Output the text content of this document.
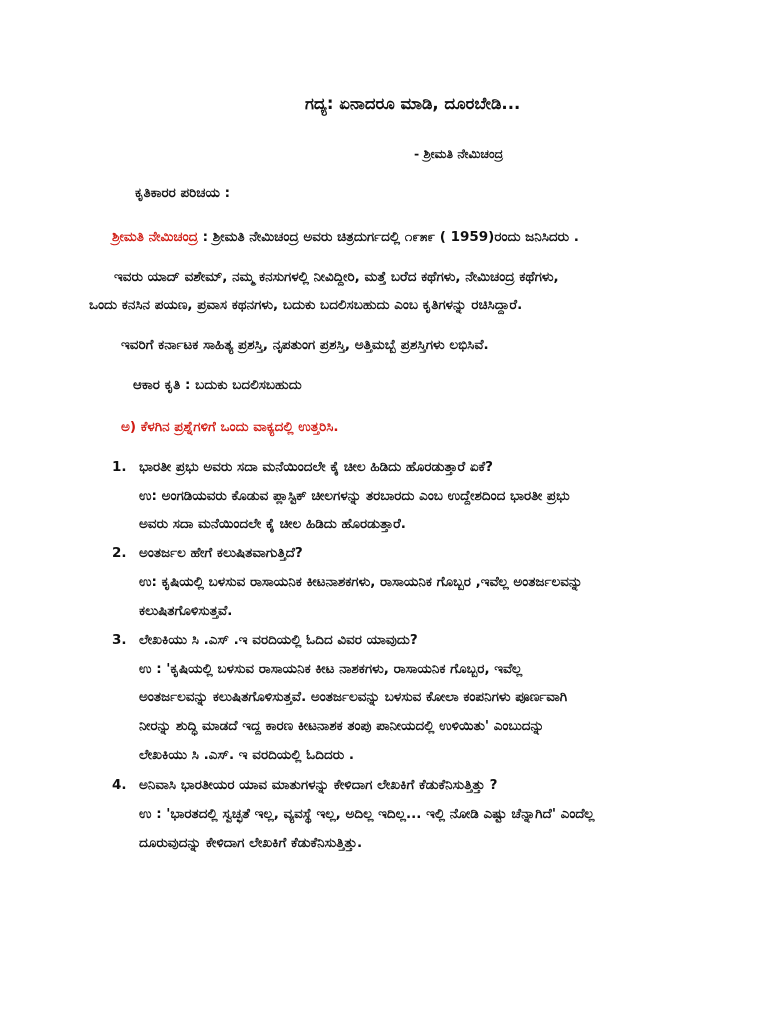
ಗದ್ಯ: ಏನಾದರೂ ಮಾಡಿ, ದೂರಬೇಡಿ...
- ಶ್ರೀಮತಿ ನೇಮಿಚಂದ್ರ
ಕೃತಿಕಾರರ ಪರಿಚಯ :
ಶ್ರೀಮತಿ ನೇಮಿಚಂದ್ರ : ಶ್ರೀಮತಿ ನೇಮಿಚಂದ್ರ ಅವರು ಚಿತ್ರದುರ್ಗದಲ್ಲಿ ೧೯೫೯ ( 1959)ರಂದು ಜನಿಸಿದರು .
ಇವರು ಯಾದ್ ವಶೇಮ್, ನಮ್ಮ ಕನಸುಗಳಲ್ಲಿ ನೀವಿದ್ದೀರಿ, ಮತ್ತೆ ಬರೆದ ಕಥೆಗಳು, ನೇಮಿಚಂದ್ರ ಕಥೆಗಳು,
ಒಂದು ಕನಸಿನ ಪಯಣ, ಪ್ರವಾಸ ಕಥನಗಳು, ಬದುಕು ಬದಲಿಸಬಹುದು ಎಂಬ ಕೃತಿಗಳನ್ನು ರಚಿಸಿದ್ದಾರೆ.
ಇವರಿಗೆ ಕರ್ನಾಟಕ ಸಾಹಿತ್ಯ ಪ್ರಶಸ್ತಿ, ನೃಪತುಂಗ ಪ್ರಶಸ್ತಿ, ಅತ್ತಿಮಬ್ಬೆ ಪ್ರಶಸ್ತಿಗಳು ಲಭಿಸಿವೆ.
ಆಕಾರ ಕೃತಿ : ಬದುಕು ಬದಲಿಸಬಹುದು
ಅ) ಕೆಳಗಿನ ಪ್ರಶ್ನೆಗಳಿಗೆ ಒಂದು ವಾಕ್ಯದಲ್ಲಿ ಉತ್ತರಿಸಿ.
1. ಭಾರತೀ ಪ್ರಭು ಅವರು ಸದಾ ಮನೆಯಿಂದಲೇ ಕೈ ಚೀಲ ಹಿಡಿದು ಹೊರಡುತ್ತಾರೆ ಏಕೆ?
ಉ: ಅಂಗಡಿಯವರು ಕೊಡುವ ಪ್ಲಾಸ್ಟಿಕ್ ಚೀಲಗಳನ್ನು ತರಬಾರದು ಎಂಬ ಉದ್ದೇಶದಿಂದ ಭಾರತೀ ಪ್ರಭು
ಅವರು ಸದಾ ಮನೆಯಿಂದಲೇ ಕೈ ಚೀಲ ಹಿಡಿದು ಹೊರಡುತ್ತಾರೆ.
2. ಅಂತರ್ಜಲ ಹೇಗೆ ಕಲುಷಿತವಾಗುತ್ತಿದೆ?
ಉ: ಕೃಷಿಯಲ್ಲಿ ಬಳಸುವ ರಾಸಾಯನಿಕ ಕೀಟನಾಶಕಗಳು, ರಾಸಾಯನಿಕ ಗೊಬ್ಬರ ,ಇವೆಲ್ಲ ಅಂತರ್ಜಲವನ್ನು
ಕಲುಷಿತಗೊಳಿಸುತ್ತವೆ.
3. ಲೇಖಕಿಯು ಸಿ .ಎಸ್ .ಇ ವರದಿಯಲ್ಲಿ ಓದಿದ ವಿವರ ಯಾವುದು?
ಉ : 'ಕೃಷಿಯಲ್ಲಿ ಬಳಸುವ ರಾಸಾಯನಿಕ ಕೀಟ ನಾಶಕಗಳು, ರಾಸಾಯನಿಕ ಗೊಬ್ಬರ, ಇವೆಲ್ಲ
ಅಂತರ್ಜಲವನ್ನು ಕಲುಷಿತಗೊಳಿಸುತ್ತವೆ. ಅಂತರ್ಜಲವನ್ನು ಬಳಸುವ ಕೋಲಾ ಕಂಪನಿಗಳು ಪೂರ್ಣವಾಗಿ
ನೀರನ್ನು ಶುದ್ಧಿ ಮಾಡದೆ ಇದ್ದ ಕಾರಣ ಕೀಟನಾಶಕ ತಂಪು ಪಾನೀಯದಲ್ಲಿ ಉಳಿಯಿತು' ಎಂಬುದನ್ನು
ಲೇಖಕಿಯು ಸಿ .ಎಸ್. ಇ ವರದಿಯಲ್ಲಿ ಓದಿದರು .
4. ಅನಿವಾಸಿ ಭಾರತೀಯರ ಯಾವ ಮಾತುಗಳನ್ನು ಕೇಳಿದಾಗ ಲೇಖಕಿಗೆ ಕೆಡುಕೆನಿಸುತ್ತಿತ್ತು ?
ಉ : 'ಭಾರತದಲ್ಲಿ ಸ್ವಚ್ಛತೆ ಇಲ್ಲ, ವ್ಯವಸ್ಥೆ ಇಲ್ಲ, ಅದಿಲ್ಲ ಇದಿಲ್ಲ... ಇಲ್ಲಿ ನೋಡಿ ಎಷ್ಟು ಚೆನ್ನಾಗಿದೆ' ಎಂದೆಲ್ಲ
ದೂರುವುದನ್ನು ಕೇಳಿದಾಗ ಲೇಖಕಿಗೆ ಕೆಡುಕೆನಿಸುತ್ತಿತ್ತು.
